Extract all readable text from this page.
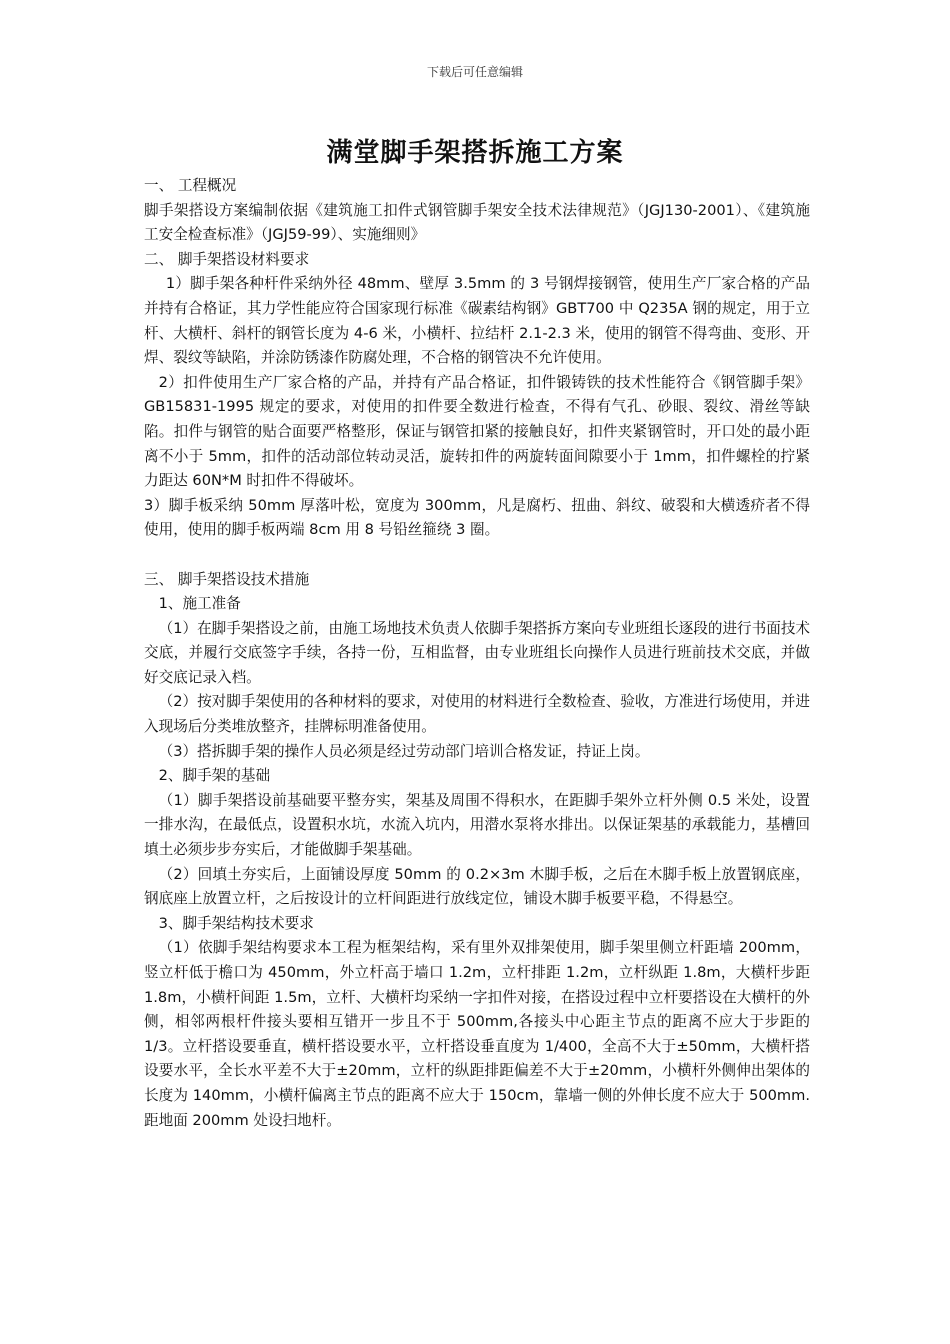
下载后可任意编辑
满堂脚手架搭拆施工方案

一、 工程概况

脚手架搭设方案编制依据《建筑施工扣件式钢管脚手架安全技术法律规范》（JGJ130-2001）、《建筑施工安全检查标准》（JGJ59-99）、实施细则》

二、 脚手架搭设材料要求

1）脚手架各种杆件采纳外径 48mm、壁厚 3.5mm 的 3 号钢焊接钢管，使用生产厂家合格的产品并持有合格证，其力学性能应符合国家现行标准《碳素结构钢》GBT700 中 Q235A 钢的规定，用于立杆、大横杆、斜杆的钢管长度为 4-6 米，小横杆、拉结杆 2.1-2.3 米，使用的钢管不得弯曲、变形、开焊、裂纹等缺陷，并涂防锈漆作防腐处理，不合格的钢管决不允许使用。

2）扣件使用生产厂家合格的产品，并持有产品合格证，扣件锻铸铁的技术性能符合《钢管脚手架》GB15831-1995 规定的要求，对使用的扣件要全数进行检查，不得有气孔、砂眼、裂纹、滑丝等缺陷。扣件与钢管的贴合面要严格整形，保证与钢管扣紧的接触良好，扣件夹紧钢管时，开口处的最小距离不小于 5mm，扣件的活动部位转动灵活，旋转扣件的两旋转面间隙要小于 1mm，扣件螺栓的拧紧力距达 60N*M 时扣件不得破坏。

3）脚手板采纳 50mm 厚落叶松，宽度为 300mm，凡是腐朽、扭曲、斜纹、破裂和大横透疥者不得使用，使用的脚手板两端 8cm 用 8 号铅丝箍绕 3 圈。

三、 脚手架搭设技术措施

1、施工准备

（1）在脚手架搭设之前，由施工场地技术负责人依脚手架搭拆方案向专业班组长逐段的进行书面技术交底，并履行交底签字手续，各持一份，互相监督，由专业班组长向操作人员进行班前技术交底，并做好交底记录入档。

（2）按对脚手架使用的各种材料的要求，对使用的材料进行全数检查、验收，方准进行场使用，并进入现场后分类堆放整齐，挂牌标明准备使用。

（3）搭拆脚手架的操作人员必须是经过劳动部门培训合格发证，持证上岗。

2、脚手架的基础

（1）脚手架搭设前基础要平整夯实，架基及周围不得积水，在距脚手架外立杆外侧 0.5 米处，设置一排水沟，在最低点，设置积水坑，水流入坑内，用潜水泵将水排出。以保证架基的承载能力，基槽回填土必须步步夯实后，才能做脚手架基础。

（2）回填土夯实后，上面铺设厚度 50mm 的 0.2×3m 木脚手板，之后在木脚手板上放置钢底座，钢底座上放置立杆，之后按设计的立杆间距进行放线定位，铺设木脚手板要平稳，不得悬空。

3、脚手架结构技术要求

（1）依脚手架结构要求本工程为框架结构，采有里外双排架使用，脚手架里侧立杆距墙 200mm，竖立杆低于檐口为 450mm，外立杆高于墙口 1.2m，立杆排距 1.2m，立杆纵距 1.8m，大横杆步距 1.8m，小横杆间距 1.5m，立杆、大横杆均采纳一字扣件对接，在搭设过程中立杆要搭设在大横杆的外侧，相邻两根杆件接头要相互错开一步且不于 500mm,各接头中心距主节点的距离不应大于步距的 1/3。立杆搭设要垂直，横杆搭设要水平，立杆搭设垂直度为 1/400，全高不大于±50mm，大横杆搭设要水平，全长水平差不大于±20mm，立杆的纵距排距偏差不大于±20mm，小横杆外侧伸出架体的长度为 140mm，小横杆偏离主节点的距离不应大于 150cm，靠墙一侧的外伸长度不应大于 500mm.距地面 200mm 处设扫地杆。
